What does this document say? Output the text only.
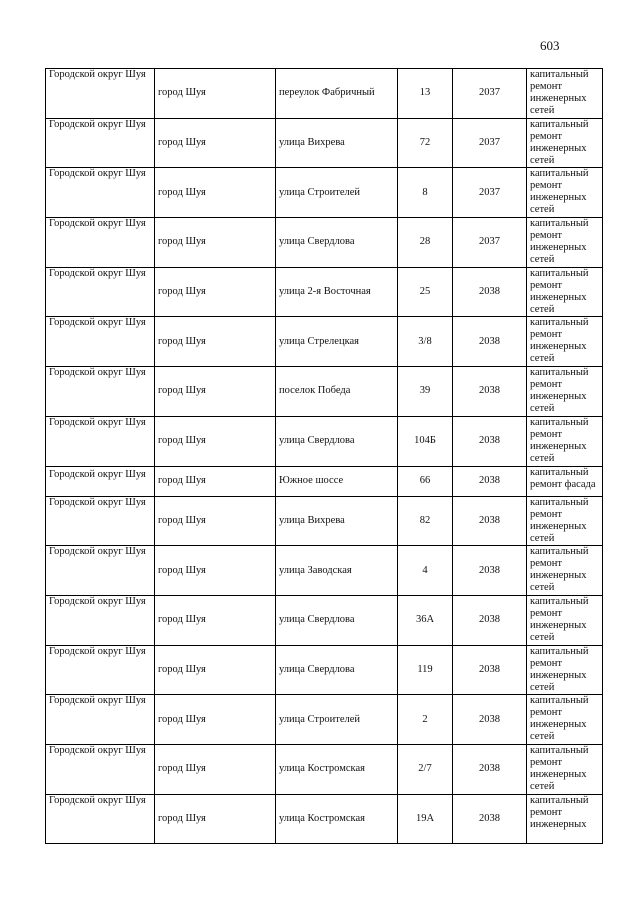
603
Городской округ Шуя	город Шуя	переулок Фабричный	13	2037	капитальный ремонт инженерных сетей
Городской округ Шуя	город Шуя	улица Вихрева	72	2037	капитальный ремонт инженерных сетей
Городской округ Шуя	город Шуя	улица Строителей	8	2037	капитальный ремонт инженерных сетей
Городской округ Шуя	город Шуя	улица Свердлова	28	2037	капитальный ремонт инженерных сетей
Городской округ Шуя	город Шуя	улица 2-я Восточная	25	2038	капитальный ремонт инженерных сетей
Городской округ Шуя	город Шуя	улица Стрелецкая	3/8	2038	капитальный ремонт инженерных сетей
Городской округ Шуя	город Шуя	поселок Победа	39	2038	капитальный ремонт инженерных сетей
Городской округ Шуя	город Шуя	улица Свердлова	104Б	2038	капитальный ремонт инженерных сетей
Городской округ Шуя	город Шуя	Южное шоссе	66	2038	капитальный ремонт фасада
Городской округ Шуя	город Шуя	улица Вихрева	82	2038	капитальный ремонт инженерных сетей
Городской округ Шуя	город Шуя	улица Заводская	4	2038	капитальный ремонт инженерных сетей
Городской округ Шуя	город Шуя	улица Свердлова	36А	2038	капитальный ремонт инженерных сетей
Городской округ Шуя	город Шуя	улица Свердлова	119	2038	капитальный ремонт инженерных сетей
Городской округ Шуя	город Шуя	улица Строителей	2	2038	капитальный ремонт инженерных сетей
Городской округ Шуя	город Шуя	улица Костромская	2/7	2038	капитальный ремонт инженерных сетей
Городской округ Шуя	город Шуя	улица Костромская	19А	2038	капитальный ремонт инженерных
